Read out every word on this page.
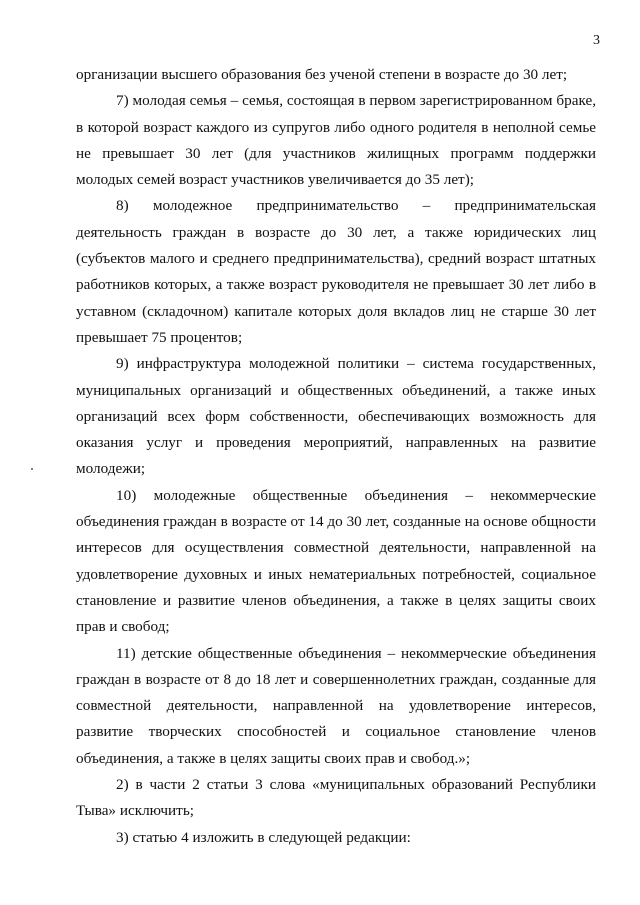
3

организации высшего образования без ученой степени в возрасте до 30 лет;

7) молодая семья – семья, состоящая в первом зарегистрированном браке, в которой возраст каждого из супругов либо одного родителя в неполной семье не превышает 30 лет (для участников жилищных программ поддержки молодых семей возраст участников увеличивается до 35 лет);

8) молодежное предпринимательство – предпринимательская деятельность граждан в возрасте до 30 лет, а также юридических лиц (субъектов малого и среднего предпринимательства), средний возраст штатных работников которых, а также возраст руководителя не превышает 30 лет либо в уставном (складочном) капитале которых доля вкладов лиц не старше 30 лет превышает 75 процентов;

9) инфраструктура молодежной политики – система государственных, муниципальных организаций и общественных объединений, а также иных организаций всех форм собственности, обеспечивающих возможность для оказания услуг и проведения мероприятий, направленных на развитие молодежи;

10) молодежные общественные объединения – некоммерческие объединения граждан в возрасте от 14 до 30 лет, созданные на основе общности интересов для осуществления совместной деятельности, направленной на удовлетворение духовных и иных нематериальных потребностей, социальное становление и развитие членов объединения, а также в целях защиты своих прав и свобод;

11) детские общественные объединения – некоммерческие объединения граждан в возрасте от 8 до 18 лет и совершеннолетних граждан, созданные для совместной деятельности, направленной на удовлетворение интересов, развитие творческих способностей и социальное становление членов объединения, а также в целях защиты своих прав и свобод.»;

2) в части 2 статьи 3 слова «муниципальных образований Республики Тыва» исключить;

3) статью 4 изложить в следующей редакции:
